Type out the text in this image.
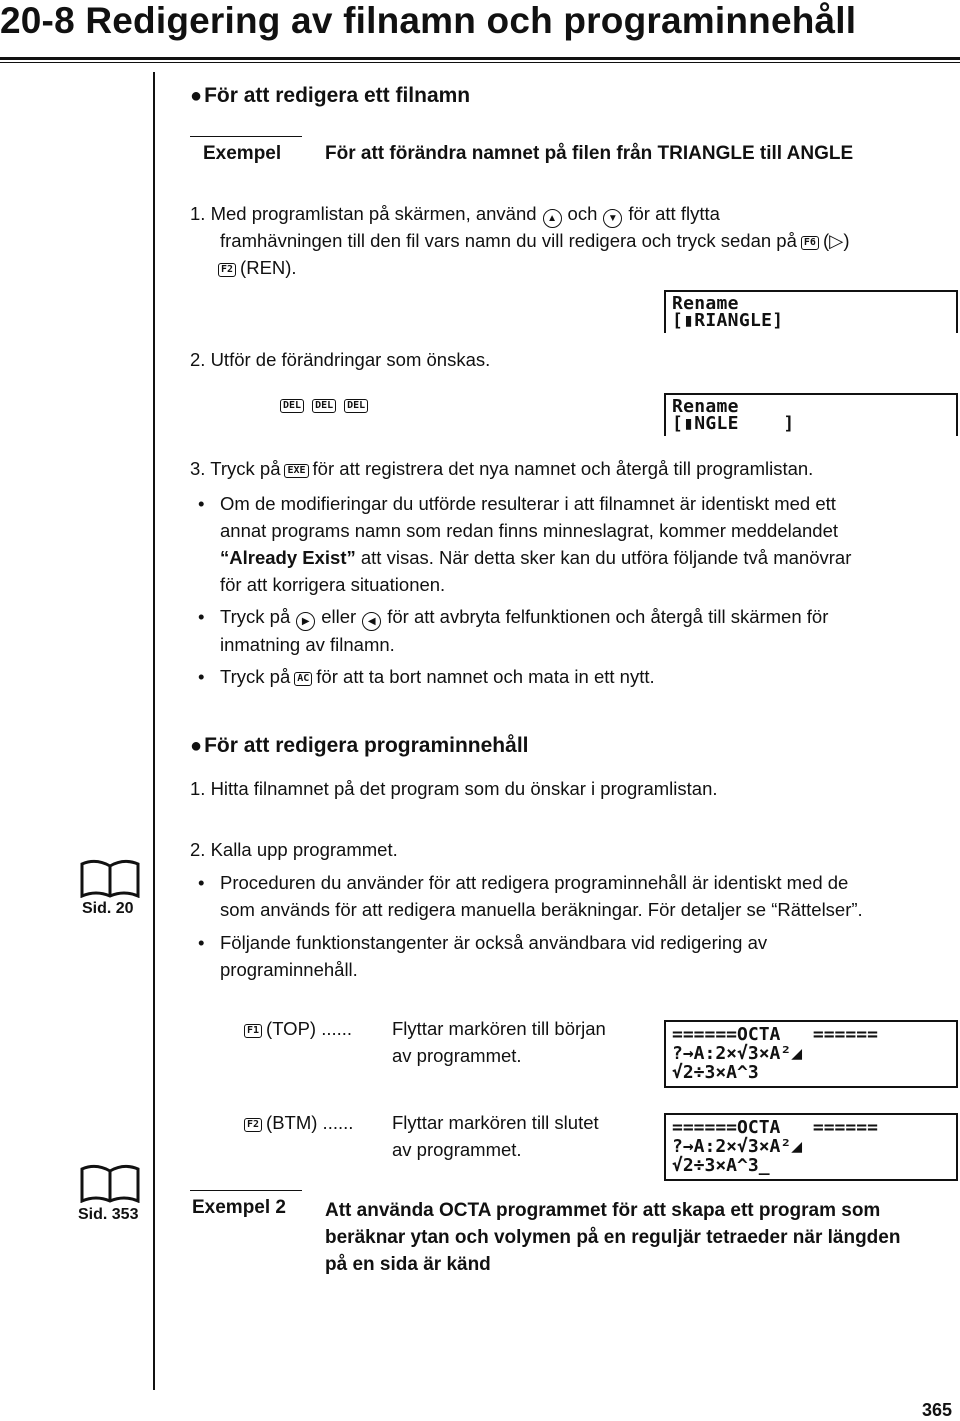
20-8 Redigering av filnamn och programinnehåll
●För att redigera ett filnamn
Exempel För att förändra namnet på filen från TRIANGLE till ANGLE
1. Med programlistan på skärmen, använd ▲ och ▼ för att flytta
framhävningen till den fil vars namn du vill redigera och tryck sedan på F6 (▷)
F2 (REN).
Rename
[▮RIANGLE]
2. Utför de förändringar som önskas.
DEL DEL DEL	Rename
[▮NGLE    ]
3. Tryck på EXE för att registrera det nya namnet och återgå till programlistan.
• Om de modifieringar du utförde resulterar i att filnamnet är identiskt med ett
annat programs namn som redan finns minneslagrat, kommer meddelandet
“Already Exist” att visas. När detta sker kan du utföra följande två manövrar
för att korrigera situationen.
• Tryck på ▶ eller ◀ för att avbryta felfunktionen och återgå till skärmen för
inmatning av filnamn.
• Tryck på AC för att ta bort namnet och mata in ett nytt.
●För att redigera programinnehåll
1. Hitta filnamnet på det program som du önskar i programlistan.
Sid. 20
2. Kalla upp programmet.
• Proceduren du använder för att redigera programinnehåll är identiskt med de
som används för att redigera manuella beräkningar. För detaljer se “Rättelser”.
• Följande funktionstangenter är också användbara vid redigering av
programinnehåll.
F1 (TOP) ...... Flyttar markören till början
av programmet.
======OCTA   ======
?→A:2×√3×A²◢
√2÷3×A^3
F2 (BTM) ...... Flyttar markören till slutet
av programmet.
======OCTA   ======
?→A:2×√3×A²◢
√2÷3×A^3_
Sid. 353	Exempel 2 Att använda OCTA programmet för att skapa ett program som
beräknar ytan och volymen på en reguljär tetraeder när längden
på en sida är känd
365
